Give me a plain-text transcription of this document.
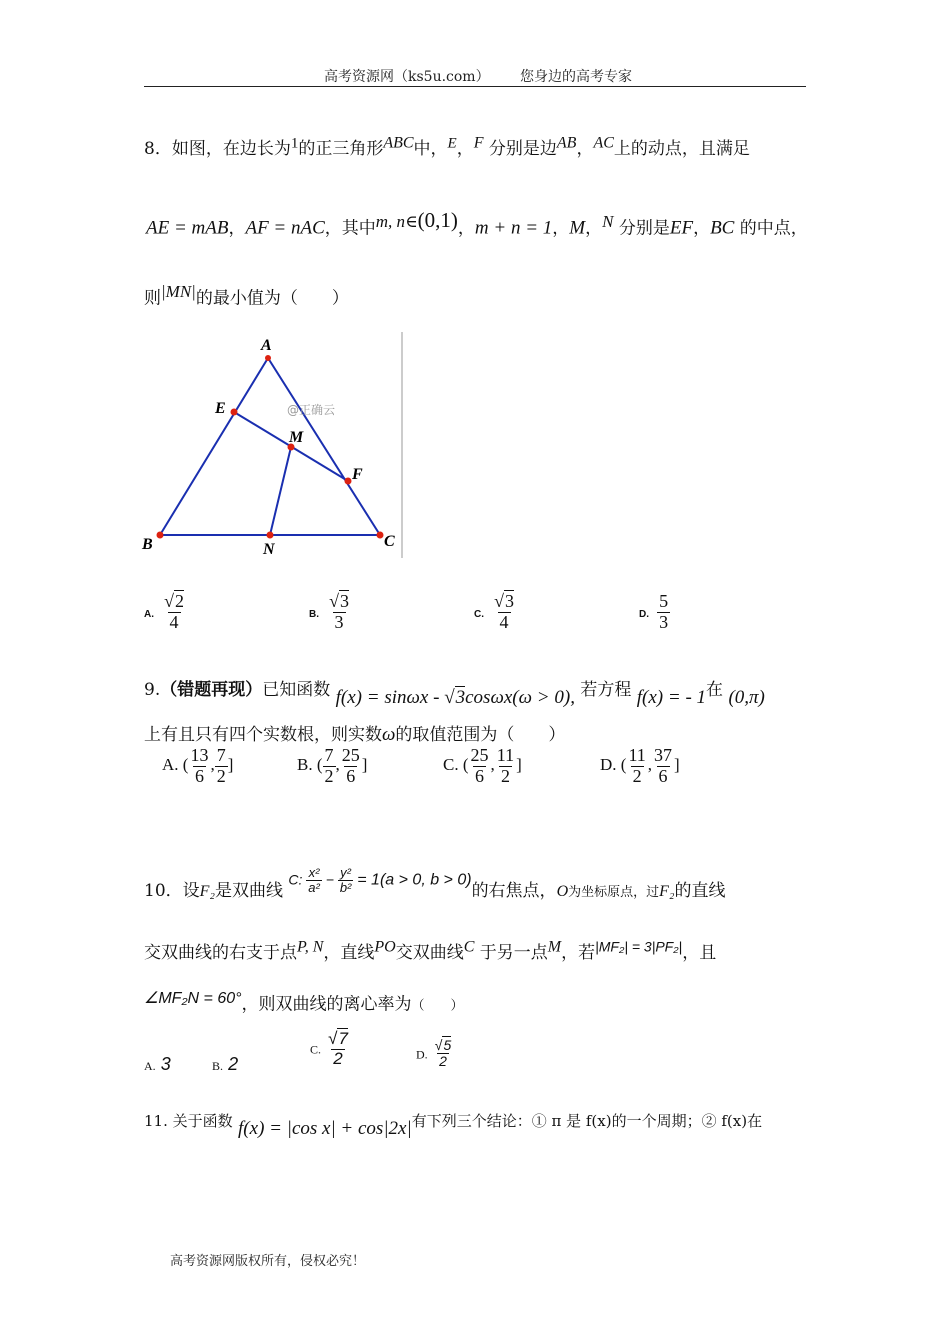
高考资源网（ks5u.com） 您身边的高考专家
8．如图，在边长为$^1$的正三角形$^{ABC}$中，$^E$，$^F$ 分别是边$^{AB}$，$^{AC}$上的动点，且满足
AE = mAB，AF = nAC，其中$^{m, n\in(0,1)}$，m + n = 1，M，$^N$ 分别是EF，BC 的中点，
则$^{|MN|}$的最小值为（　　）
A
B	C
E
F
M
N
@正确云
A. $\frac{√2}{4}$	B. $\frac{√3}{3}$	C. $\frac{√3}{4}$	D. $\frac{5}{3}$
9.（错题再现）已知函数 f(x) = sinωx - √3cosωx(ω > 0), 若方程 f(x) = - 1在 (0,π)
上有且只有四个实数根，则实数ω的取值范围为（　　）
A. ( $\frac{13}{6}$ , $\frac{7}{2}$ ]	B. ( $\frac{7}{2}$ , $\frac{25}{6}$ ]	C. ( $\frac{25}{6}$ , $\frac{11}{2}$ ]	D. ( $\frac{11}{2}$ , $\frac{37}{6}$ ]
10．设F₂是双曲线 C: $\frac{\text{x²}}{\text{a²}} - \frac{\text{y²}}{\text{b²}} = 1(a > 0$, b > 0)的右焦点，O为坐标原点，过F₂的直线
交双曲线的右支于点$^{P, N}$，直线$^{PO}$交双曲线$^C$ 于另一点$^M$，若$^{|MF_2| = 3|PF_2|}$，且
$^{\angle MF_2N = 60^\circ}$，则双曲线的离心率为（　　）
A. 3	B. 2
C. $\frac{√7}{2}$	D. $\frac{√5}{2}$
11. 关于函数 f(x) = |cos x| + cos|2x|有下列三个结论：① π 是 f(x)的一个周期；② f(x)在
高考资源网版权所有，侵权必究！
